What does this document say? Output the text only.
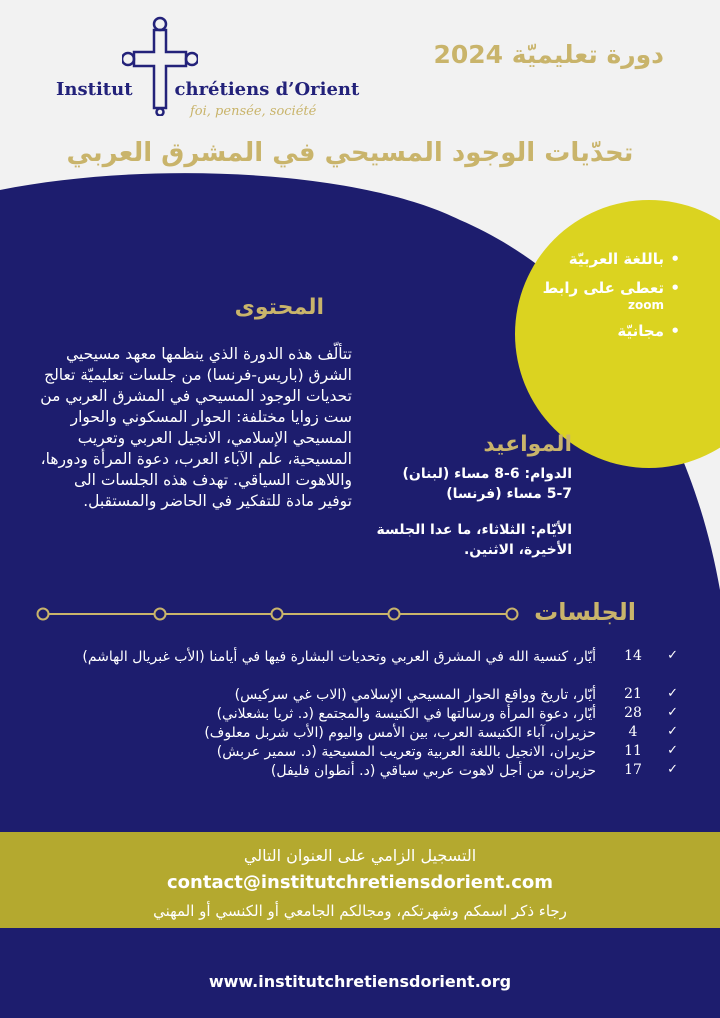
Institut chrétiens d’Orient
foi, pensée, société
دورة تعليميّة 2024
تحدّيات الوجود المسيحي في المشرق العربي
• باللغة العربيّة
• تعطى على رابط
zoom
• مجانيّة
المحتوى
تتألّف هذه الدورة الذي ينظمها معهد مسيحيي الشرق (باريس-فرنسا) من جلسات تعليميّة تعالج تحديات الوجود المسيحي في المشرق العربي من ست زوايا مختلفة: الحوار المسكوني والحوار المسيحي الإسلامي، الانجيل العربي وتعريب المسيحية، علم الآباء العرب، دعوة المرأة ودورها، واللاهوت السياقي. تهدف هذه الجلسات الى توفير مادة للتفكير في الحاضر والمستقبل.
المواعيد
الدوام: 6-8 مساء (لبنان)
5-7 مساء (فرنسا)
الأيّام: الثلاثاء، ما عدا الجلسة
الأخيرة، الاثنين.
الجلسات
✓
14
أيّار، كنسية الله في المشرق العربي وتحديات البشارة فيها في أيامنا (الأب غبريال الهاشم)
✓
21
أيّار، تاريخ وواقع الحوار المسيحي الإسلامي (الاب غي سركيس)
✓
28
أيّار، دعوة المرأة ورسالتها في الكنيسة والمجتمع (د. ثريا بشعلاني)
✓
4
حزيران، آباء الكنيسة العرب، بين الأمس واليوم (الأب شربل معلوف)
✓
11
حزيران، الانجيل باللغة العربية وتعريب المسيحية (د. سمير عربش)
✓
17
حزيران، من أجل لاهوت عربي سياقي (د. أنطوان فليفل)
التسجيل الزامي على العنوان التالي
contact@institutchretiensdorient.com
رجاء ذكر اسمكم وشهرتكم، ومجالكم الجامعي أو الكنسي أو المهني
www.institutchretiensdorient.org
